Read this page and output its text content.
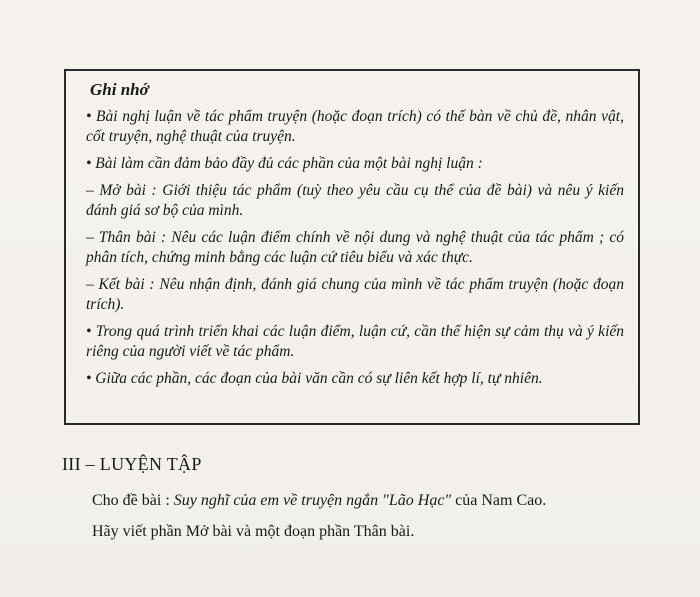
Ghi nhớ

• Bài nghị luận về tác phẩm truyện (hoặc đoạn trích) có thể bàn về chủ đề, nhân vật, cốt truyện, nghệ thuật của truyện.

• Bài làm cần đảm bảo đầy đủ các phần của một bài nghị luận :

– Mở bài : Giới thiệu tác phẩm (tuỳ theo yêu cầu cụ thể của đề bài) và nêu ý kiến đánh giá sơ bộ của mình.

– Thân bài : Nêu các luận điểm chính về nội dung và nghệ thuật của tác phẩm ; có phân tích, chứng minh bằng các luận cứ tiêu biểu và xác thực.

– Kết bài : Nêu nhận định, đánh giá chung của mình về tác phẩm truyện (hoặc đoạn trích).

• Trong quá trình triển khai các luận điểm, luận cứ, cần thể hiện sự cảm thụ và ý kiến riêng của người viết về tác phẩm.

• Giữa các phần, các đoạn của bài văn cần có sự liên kết hợp lí, tự nhiên.

III – LUYỆN TẬP
Cho đề bài : Suy nghĩ của em về truyện ngắn "Lão Hạc" của Nam Cao.
Hãy viết phần Mở bài và một đoạn phần Thân bài.
